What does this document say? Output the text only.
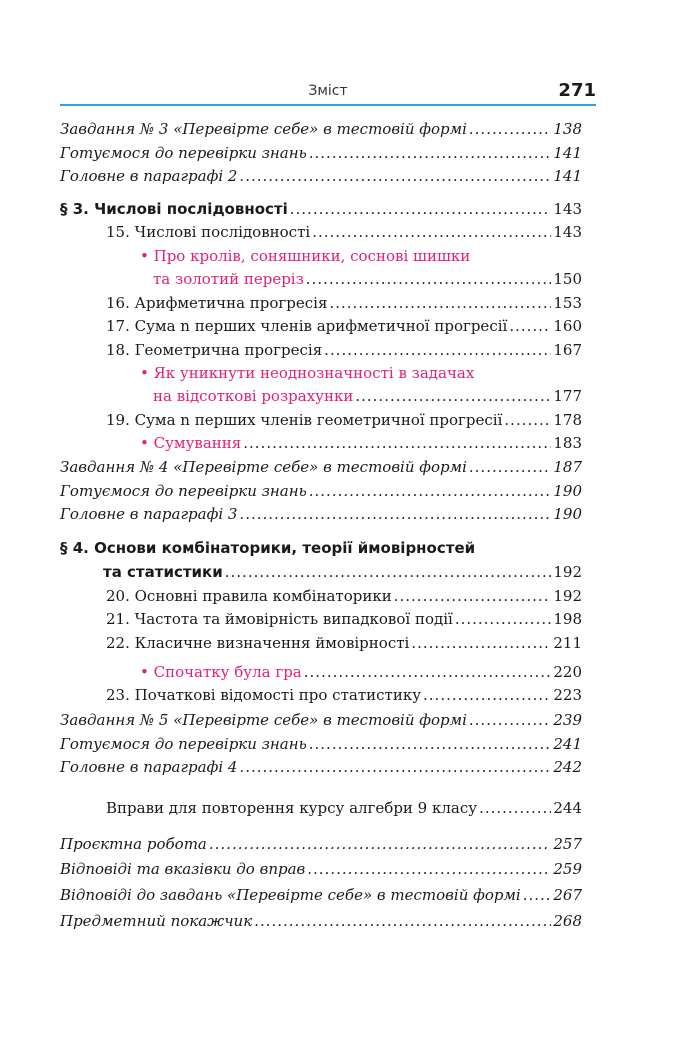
Зміст	271
Завдання № 3 «Перевірте себе» в тестовій формі .....	138
Готуємося до перевірки знань .....	141
Головне в параграфі 2 .....	141
§ 3. Числові послідовності .....	143
15. Числові послідовності .....	143
• Про кролів, соняшники, соснові шишки
та золотий переріз .....	150
16. Арифметична прогресія .....	153
17. Сума n перших членів арифметичної прогресії .....	160
18. Геометрична прогресія .....	167
• Як уникнути неоднозначності в задачах
на відсоткові розрахунки .....	177
19. Сума n перших членів геометричної прогресії .....	178
• Сумування .....	183
Завдання № 4 «Перевірте себе» в тестовій формі .....	187
Готуємося до перевірки знань .....	190
Головне в параграфі 3 .....	190
§ 4. Основи комбінаторики, теорії ймовірностей
та статистики .....	192
20. Основні правила комбінаторики .....	192
21. Частота та ймовірність випадкової події .....	198
22. Класичне визначення ймовірності .....	211
• Спочатку була гра .....	220
23. Початкові відомості про статистику .....	223
Завдання № 5 «Перевірте себе» в тестовій формі .....	239
Готуємося до перевірки знань .....	241
Головне в параграфі 4 .....	242
Вправи для повторення курсу алгебри 9 класу .....	244
Проєктна робота .....	257
Відповіді та вказівки до вправ .....	259
Відповіді до завдань «Перевірте себе» в тестовій формі ..... 267
Предметний покажчик .....	268
